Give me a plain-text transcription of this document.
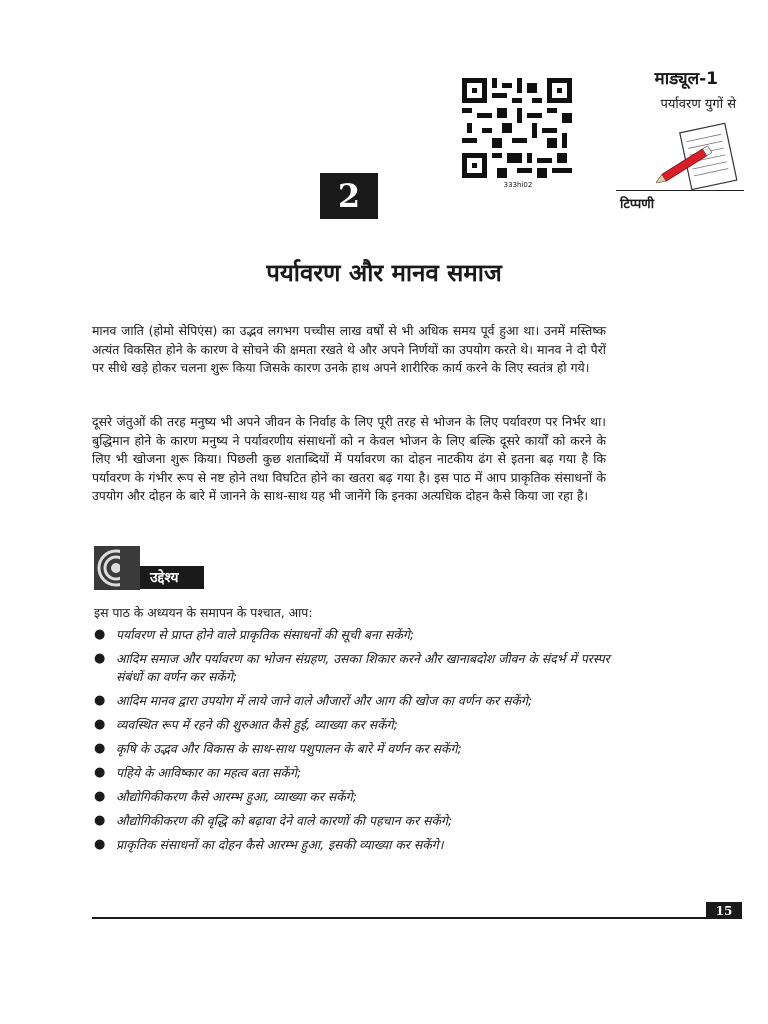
333hi02
माड्यूल-1
पर्यावरण युगों से
टिप्पणी
2
पर्यावरण और मानव समाज
मानव जाति (होमो सेपिएंस) का उद्भव लगभग पच्चीस लाख वर्षों से भी अधिक समय पूर्व हुआ था। उनमें मस्तिष्क अत्यंत विकसित होने के कारण वे सोचने की क्षमता रखते थे और अपने निर्णयों का उपयोग करते थे। मानव ने दो पैरों पर सीधे खड़े होकर चलना शुरू किया जिसके कारण उनके हाथ अपने शारीरिक कार्य करने के लिए स्वतंत्र हो गये।
दूसरे जंतुओं की तरह मनुष्य भी अपने जीवन के निर्वाह के लिए पूरी तरह से भोजन के लिए पर्यावरण पर निर्भर था। बुद्धिमान होने के कारण मनुष्य ने पर्यावरणीय संसाधनों को न केवल भोजन के लिए बल्कि दूसरे कार्यों को करने के लिए भी खोजना शुरू किया। पिछली कुछ शताब्दियों में पर्यावरण का दोहन नाटकीय ढंग से इतना बढ़ गया है कि पर्यावरण के गंभीर रूप से नष्ट होने तथा विघटित होने का खतरा बढ़ गया है। इस पाठ में आप प्राकृतिक संसाधनों के उपयोग और दोहन के बारे में जानने के साथ-साथ यह भी जानेंगे कि इनका अत्यधिक दोहन कैसे किया जा रहा है।
उद्देश्य
इस पाठ के अध्ययन के समापन के पश्चात, आप:
● पर्यावरण से प्राप्त होने वाले प्राकृतिक संसाधनों की सूची बना सकेंगे;
● आदिम समाज और पर्यावरण का भोजन संग्रहण, उसका शिकार करने और खानाबदोश जीवन के संदर्भ में परस्पर संबंधों का वर्णन कर सकेंगे;
● आदिम मानव द्वारा उपयोग में लाये जाने वाले औजारों और आग की खोज का वर्णन कर सकेंगे;
● व्यवस्थित रूप में रहने की शुरुआत कैसे हुई, व्याख्या कर सकेंगे;
● कृषि के उद्भव और विकास के साथ-साथ पशुपालन के बारे में वर्णन कर सकेंगे;
● पहिये के आविष्कार का महत्व बता सकेंगे;
● औद्योगिकीकरण कैसे आरम्भ हुआ, व्याख्या कर सकेंगे;
● औद्योगिकीकरण की वृद्धि को बढ़ावा देने वाले कारणों की पहचान कर सकेंगे;
● प्राकृतिक संसाधनों का दोहन कैसे आरम्भ हुआ, इसकी व्याख्या कर सकेंगे।
15
